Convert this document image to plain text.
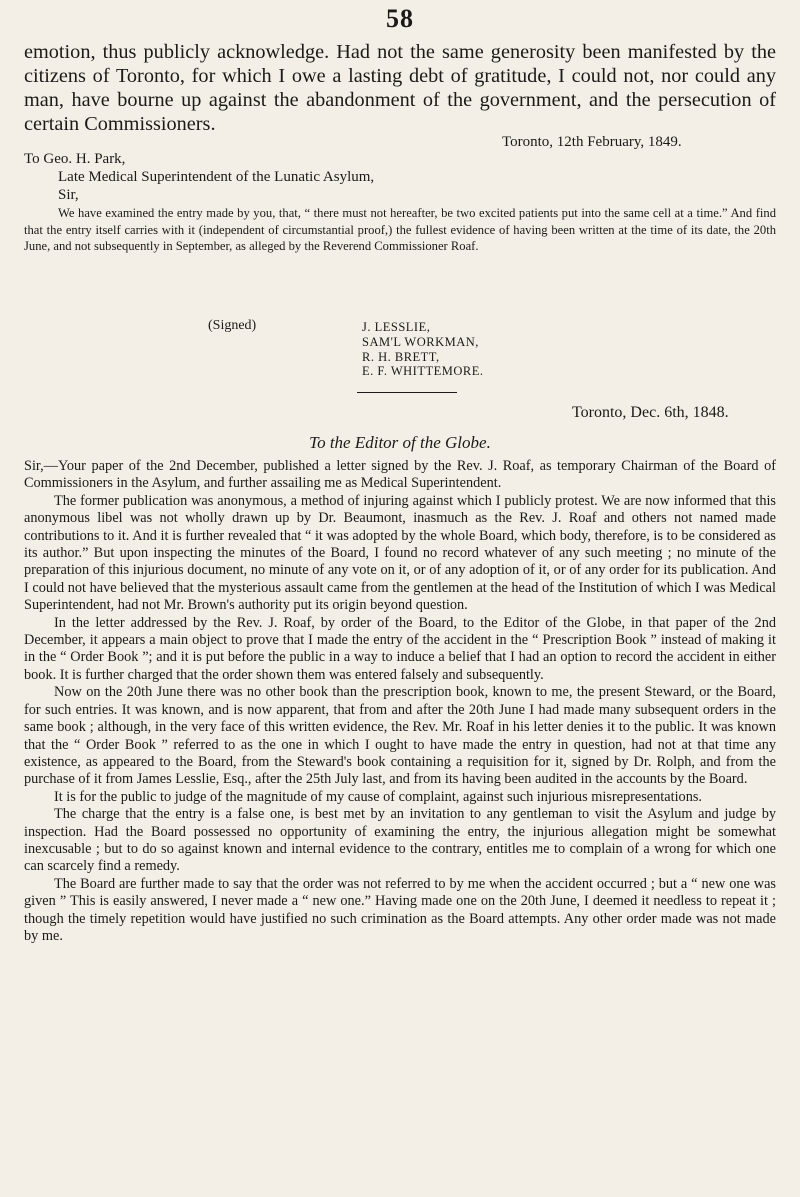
58

emotion, thus publicly acknowledge. Had not the same generosity been manifested by the citizens of Toronto, for which I owe a lasting debt of gratitude, I could not, nor could any man, have bourne up against the abandonment of the government, and the persecution of certain Commissioners.

Toronto, 12th February, 1849.
To Geo. H. Park,
Late Medical Superintendent of the Lunatic Asylum,
Sir,

We have examined the entry made by you, that, “ there must not hereafter, be two excited patients put into the same cell at a time.” And find that the entry itself carries with it (independent of circumstantial proof,) the fullest evidence of having been written at the time of its date, the 20th June, and not subsequently in September, as alleged by the Reverend Commissioner Roaf.

(Signed)	J. LESSLIE,
SAM'L WORKMAN,
R. H. BRETT,
E. F. WHITTEMORE.
Toronto, Dec. 6th, 1848.
To the Editor of the Globe.

Sir,—Your paper of the 2nd December, published a letter signed by the Rev. J. Roaf, as temporary Chairman of the Board of Commissioners in the Asylum, and further assailing me as Medical Superintendent.

The former publication was anonymous, a method of injuring against which I publicly protest. We are now informed that this anonymous libel was not wholly drawn up by Dr. Beaumont, inasmuch as the Rev. J. Roaf and others not named made contributions to it. And it is further revealed that “ it was adopted by the whole Board, which body, therefore, is to be considered as its author.” But upon inspecting the minutes of the Board, I found no record whatever of any such meeting ; no minute of the preparation of this injurious document, no minute of any vote on it, or of any adoption of it, or of any order for its publication. And I could not have believed that the mysterious assault came from the gentlemen at the head of the Institution of which I was Medical Superintendent, had not Mr. Brown's authority put its origin beyond question.

In the letter addressed by the Rev. J. Roaf, by order of the Board, to the Editor of the Globe, in that paper of the 2nd December, it appears a main object to prove that I made the entry of the accident in the “ Prescription Book ” instead of making it in the “ Order Book ”; and it is put before the public in a way to induce a belief that I had an option to record the accident in either book. It is further charged that the order shown them was entered falsely and subsequently.

Now on the 20th June there was no other book than the prescription book, known to me, the present Steward, or the Board, for such entries. It was known, and is now apparent, that from and after the 20th June I had made many subsequent orders in the same book ; although, in the very face of this written evidence, the Rev. Mr. Roaf in his letter denies it to the public. It was known that the “ Order Book ” referred to as the one in which I ought to have made the entry in question, had not at that time any existence, as appeared to the Board, from the Steward's book containing a requisition for it, signed by Dr. Rolph, and from the purchase of it from James Lesslie, Esq., after the 25th July last, and from its having been audited in the accounts by the Board.

It is for the public to judge of the magnitude of my cause of complaint, against such injurious misrepresentations.

The charge that the entry is a false one, is best met by an invitation to any gentleman to visit the Asylum and judge by inspection. Had the Board possessed no opportunity of examining the entry, the injurious allegation might be somewhat inexcusable ; but to do so against known and internal evidence to the contrary, entitles me to complain of a wrong for which one can scarcely find a remedy.

The Board are further made to say that the order was not referred to by me when the accident occurred ; but a “ new one was given ” This is easily answered, I never made a “ new one.” Having made one on the 20th June, I deemed it needless to repeat it ; though the timely repetition would have justified no such crimination as the Board attempts. Any other order made was not made by me.
